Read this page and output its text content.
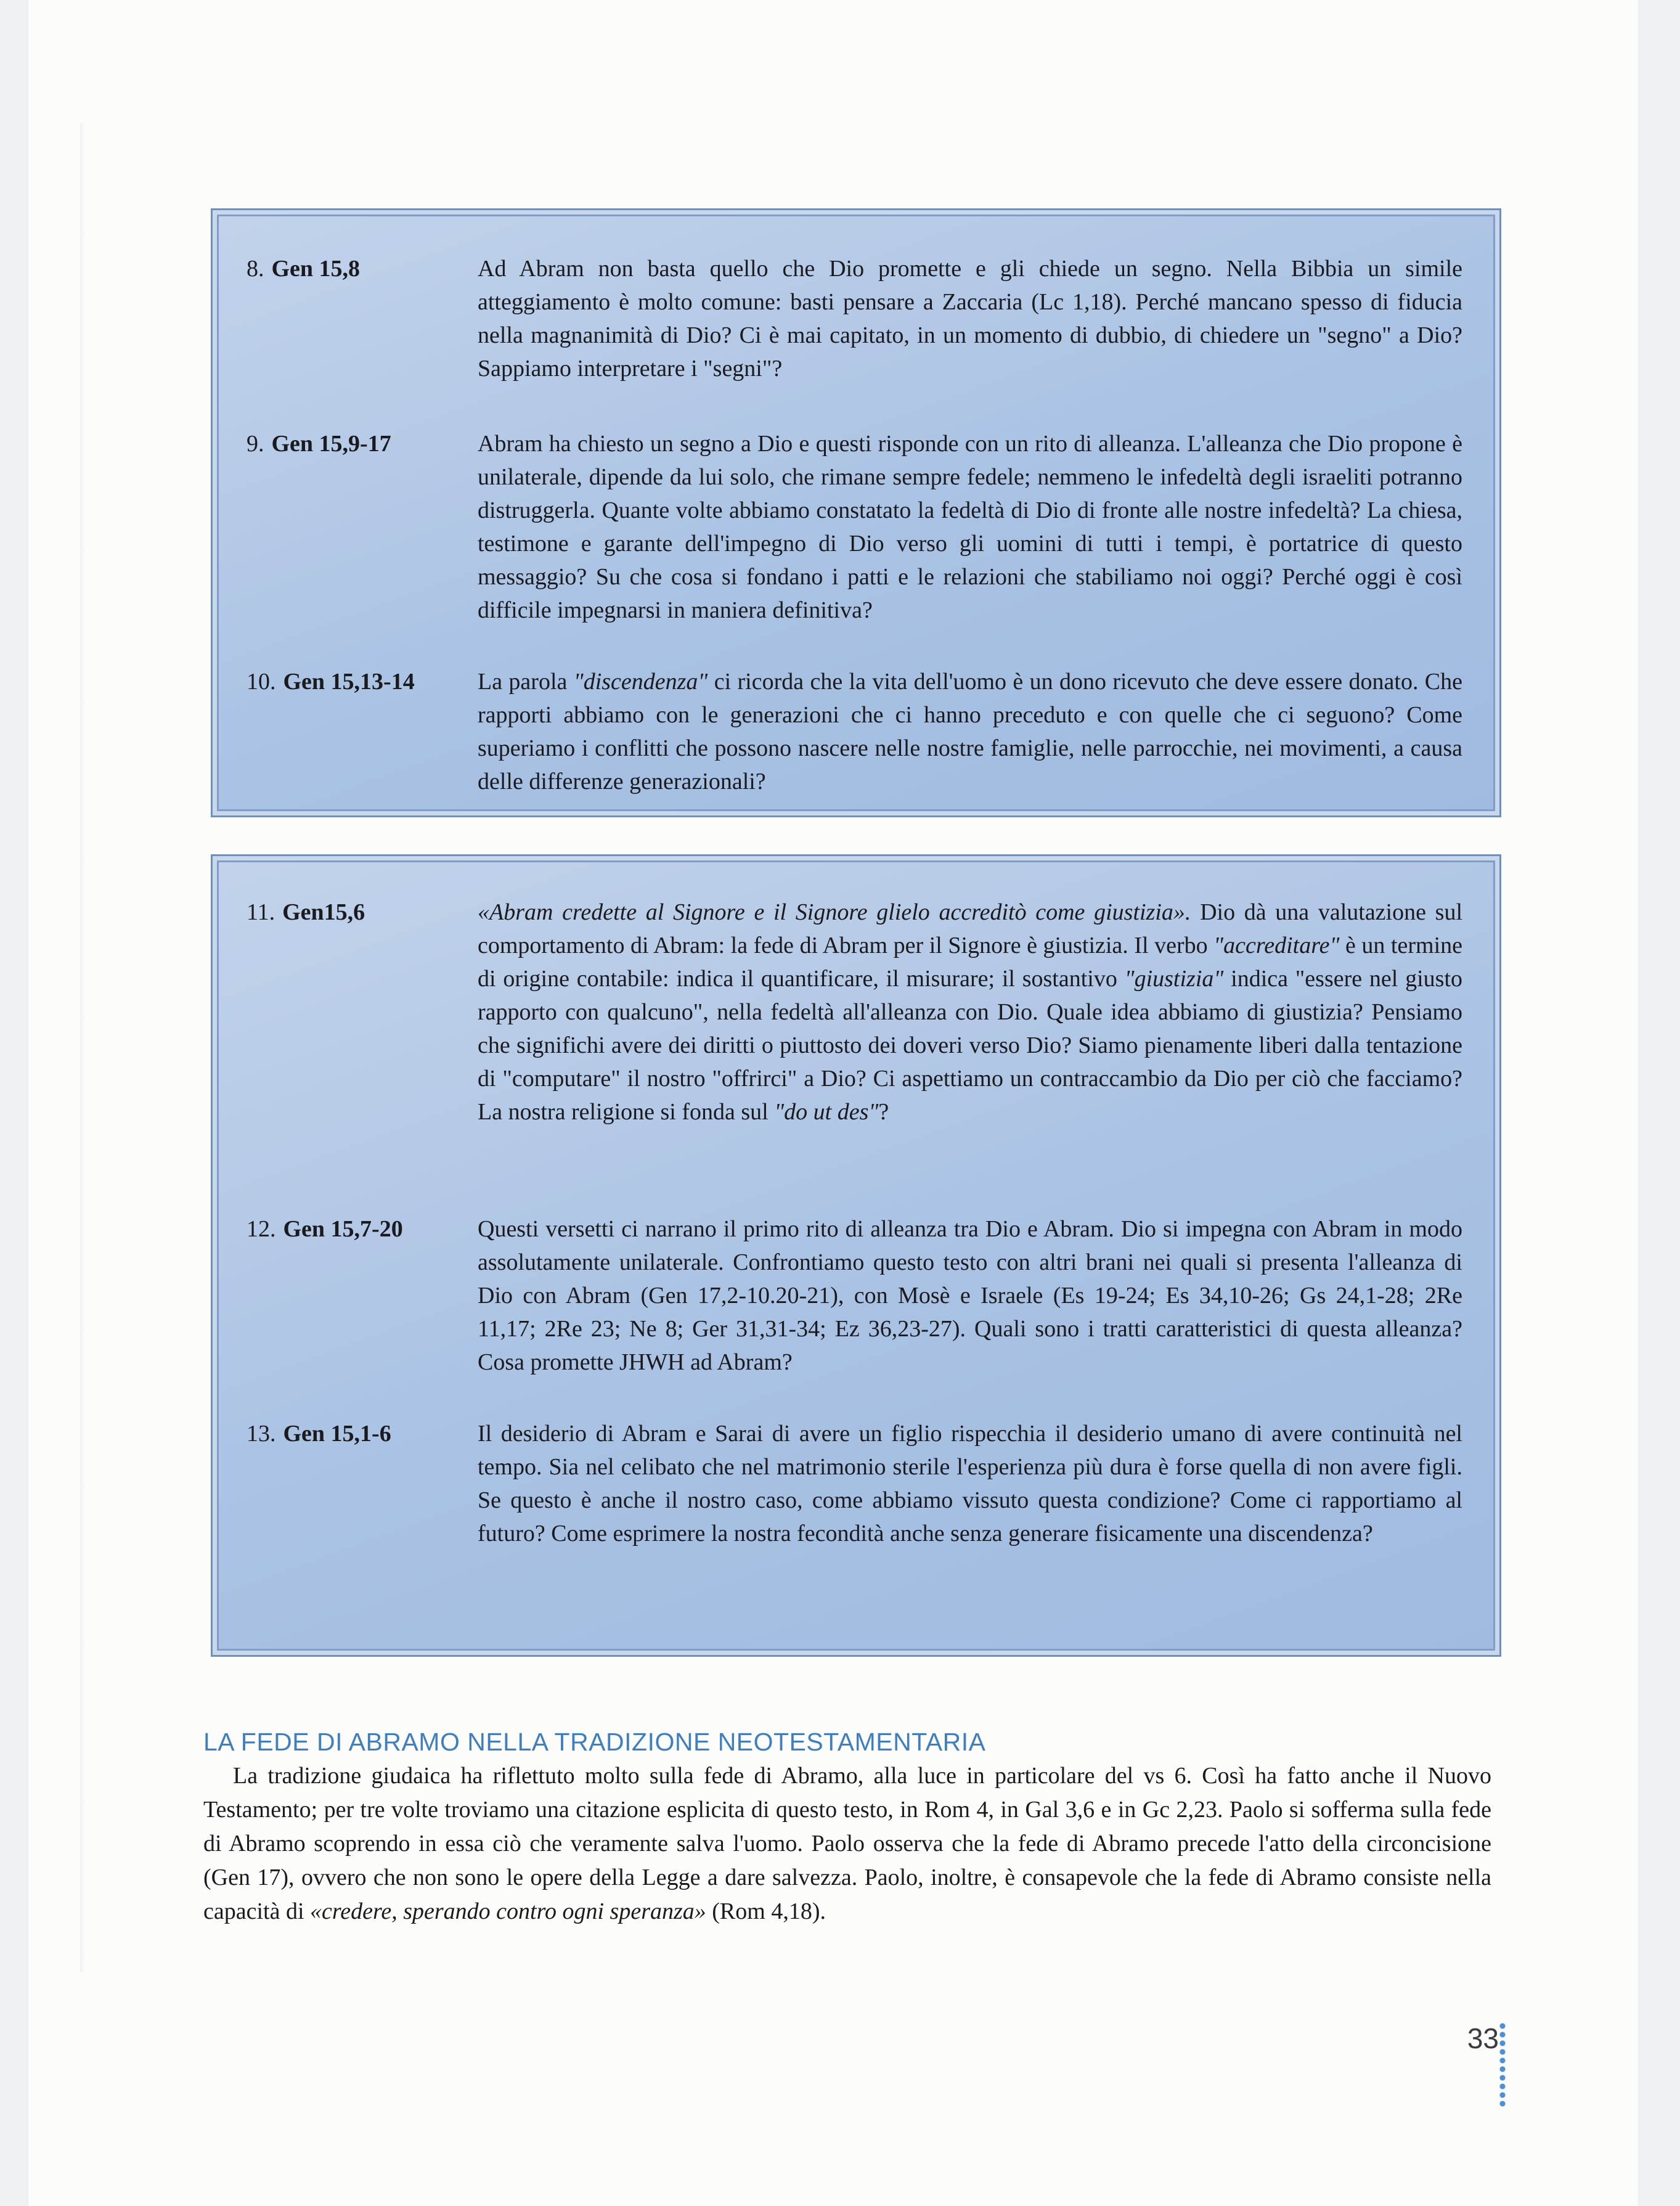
8. Gen 15,8	Ad Abram non basta quello che Dio promette e gli chiede un segno. Nella Bibbia un simile atteggiamento è molto comune: basti pensare a Zaccaria (Lc 1,18). Perché mancano spesso di fiducia nella magnanimità di Dio? Ci è mai capitato, in un momento di dubbio, di chiedere un "segno" a Dio? Sappiamo interpretare i "segni"?
9. Gen 15,9-17	Abram ha chiesto un segno a Dio e questi risponde con un rito di alleanza. L'alleanza che Dio propone è unilaterale, dipende da lui solo, che rimane sempre fedele; nemmeno le infedeltà degli israeliti potranno distruggerla. Quante volte abbiamo constatato la fedeltà di Dio di fronte alle nostre infedeltà? La chiesa, testimone e garante dell'impegno di Dio verso gli uomini di tutti i tempi, è portatrice di questo messaggio? Su che cosa si fondano i patti e le relazioni che stabiliamo noi oggi? Perché oggi è così difficile impegnarsi in maniera definitiva?
10. Gen 15,13-14	La parola "discendenza" ci ricorda che la vita dell'uomo è un dono ricevuto che deve essere donato. Che rapporti abbiamo con le generazioni che ci hanno preceduto e con quelle che ci seguono? Come superiamo i conflitti che possono nascere nelle nostre famiglie, nelle parrocchie, nei movimenti, a causa delle differenze generazionali?
11. Gen15,6	«Abram credette al Signore e il Signore glielo accreditò come giustizia». Dio dà una valutazione sul comportamento di Abram: la fede di Abram per il Signore è giustizia. Il verbo "accreditare" è un termine di origine contabile: indica il quantificare, il misurare; il sostantivo "giustizia" indica "essere nel giusto rapporto con qualcuno", nella fedeltà all'alleanza con Dio. Quale idea abbiamo di giustizia? Pensiamo che significhi avere dei diritti o piuttosto dei doveri verso Dio? Siamo pienamente liberi dalla tentazione di "computare" il nostro "offrirci" a Dio? Ci aspettiamo un contraccambio da Dio per ciò che facciamo? La nostra religione si fonda sul "do ut des"?
12. Gen 15,7-20	Questi versetti ci narrano il primo rito di alleanza tra Dio e Abram. Dio si impegna con Abram in modo assolutamente unilaterale. Confrontiamo questo testo con altri brani nei quali si presenta l'alleanza di Dio con Abram (Gen 17,2-10.20-21), con Mosè e Israele (Es 19-24; Es 34,10-26; Gs 24,1-28; 2Re 11,17; 2Re 23; Ne 8; Ger 31,31-34; Ez 36,23-27). Quali sono i tratti caratteristici di questa alleanza? Cosa promette JHWH ad Abram?
13. Gen 15,1-6	Il desiderio di Abram e Sarai di avere un figlio rispecchia il desiderio umano di avere continuità nel tempo. Sia nel celibato che nel matrimonio sterile l'esperienza più dura è forse quella di non avere figli. Se questo è anche il nostro caso, come abbiamo vissuto questa condizione? Come ci rapportiamo al futuro? Come esprimere la nostra fecondità anche senza generare fisicamente una discendenza?
LA FEDE DI ABRAMO NELLA TRADIZIONE NEOTESTAMENTARIA
La tradizione giudaica ha riflettuto molto sulla fede di Abramo, alla luce in particolare del vs 6. Così ha fatto anche il Nuovo Testamento; per tre volte troviamo una citazione esplicita di questo testo, in Rom 4, in Gal 3,6 e in Gc 2,23. Paolo si sofferma sulla fede di Abramo scoprendo in essa ciò che veramente salva l'uomo. Paolo osserva che la fede di Abramo precede l'atto della circoncisione (Gen 17), ovvero che non sono le opere della Legge a dare salvezza. Paolo, inoltre, è consapevole che la fede di Abramo consiste nella capacità di «credere, sperando contro ogni speranza» (Rom 4,18).
33
